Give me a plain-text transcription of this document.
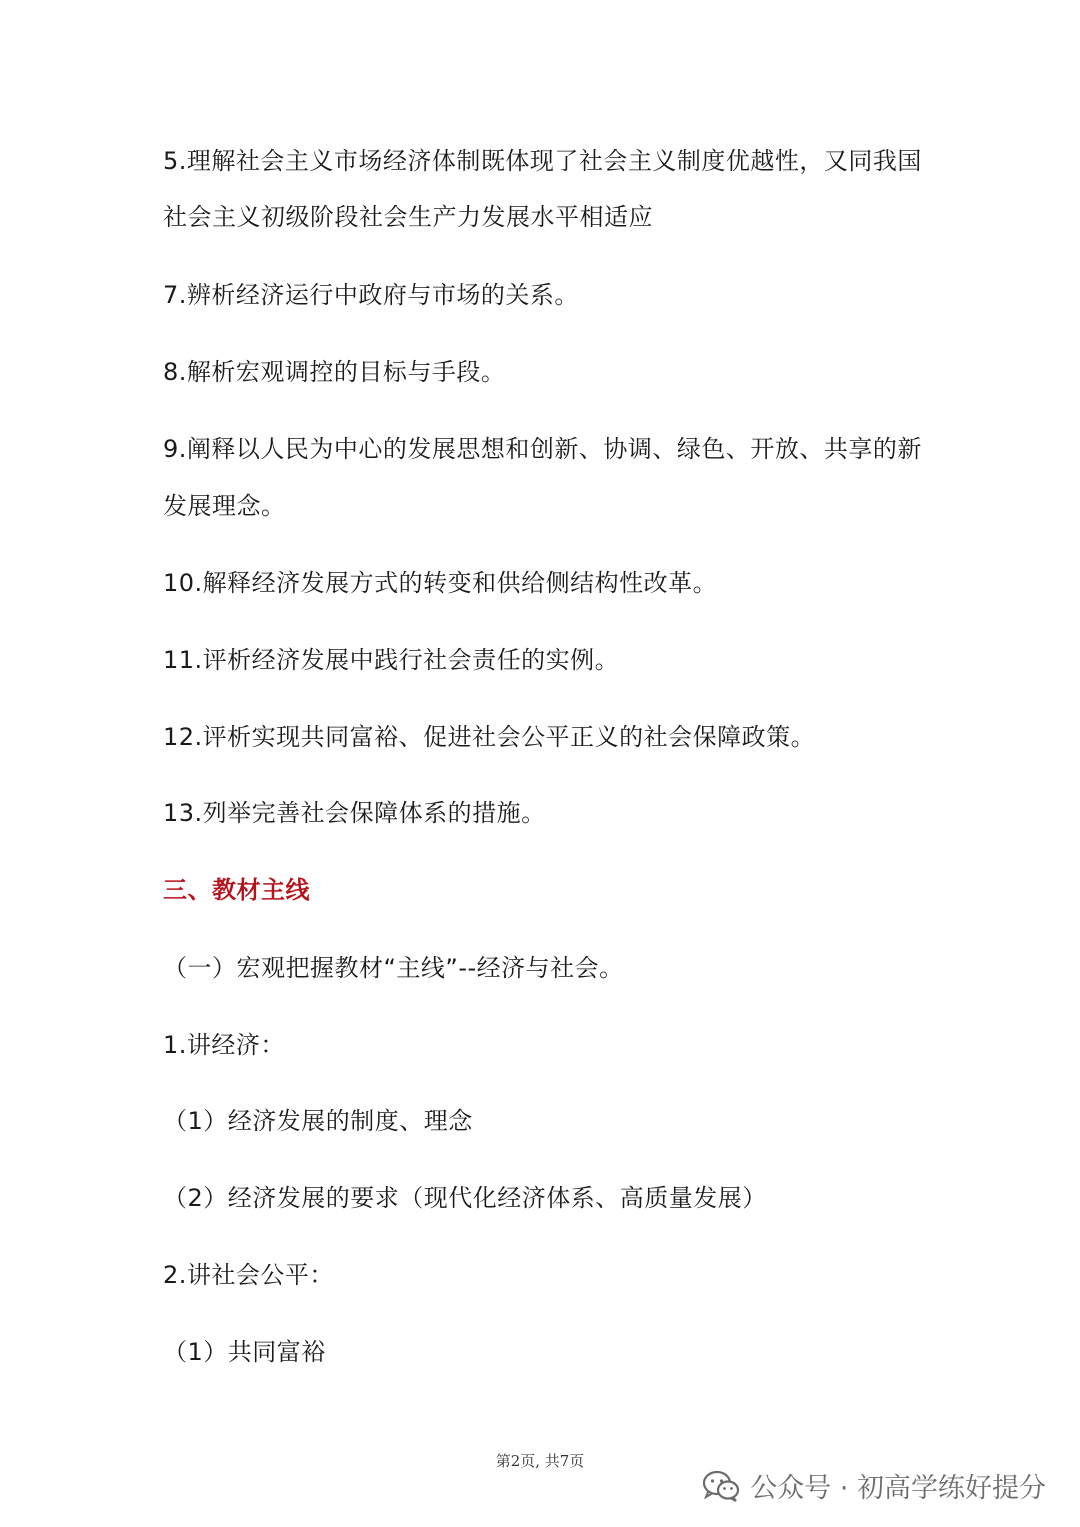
5.理解社会主义市场经济体制既体现了社会主义制度优越性，又同我国
社会主义初级阶段社会生产力发展水平相适应
7.辨析经济运行中政府与市场的关系。
8.解析宏观调控的目标与手段。
9.阐释以人民为中心的发展思想和创新、协调、绿色、开放、共享的新
发展理念。
10.解释经济发展方式的转变和供给侧结构性改革。
11.评析经济发展中践行社会责任的实例。
12.评析实现共同富裕、促进社会公平正义的社会保障政策。
13.列举完善社会保障体系的措施。
三、教材主线
（一）宏观把握教材“主线”--经济与社会。
1.讲经济：
（1）经济发展的制度、理念
（2）经济发展的要求（现代化经济体系、高质量发展）
2.讲社会公平：
（1）共同富裕
第2页, 共7页
公众号 · 初高学练好提分
